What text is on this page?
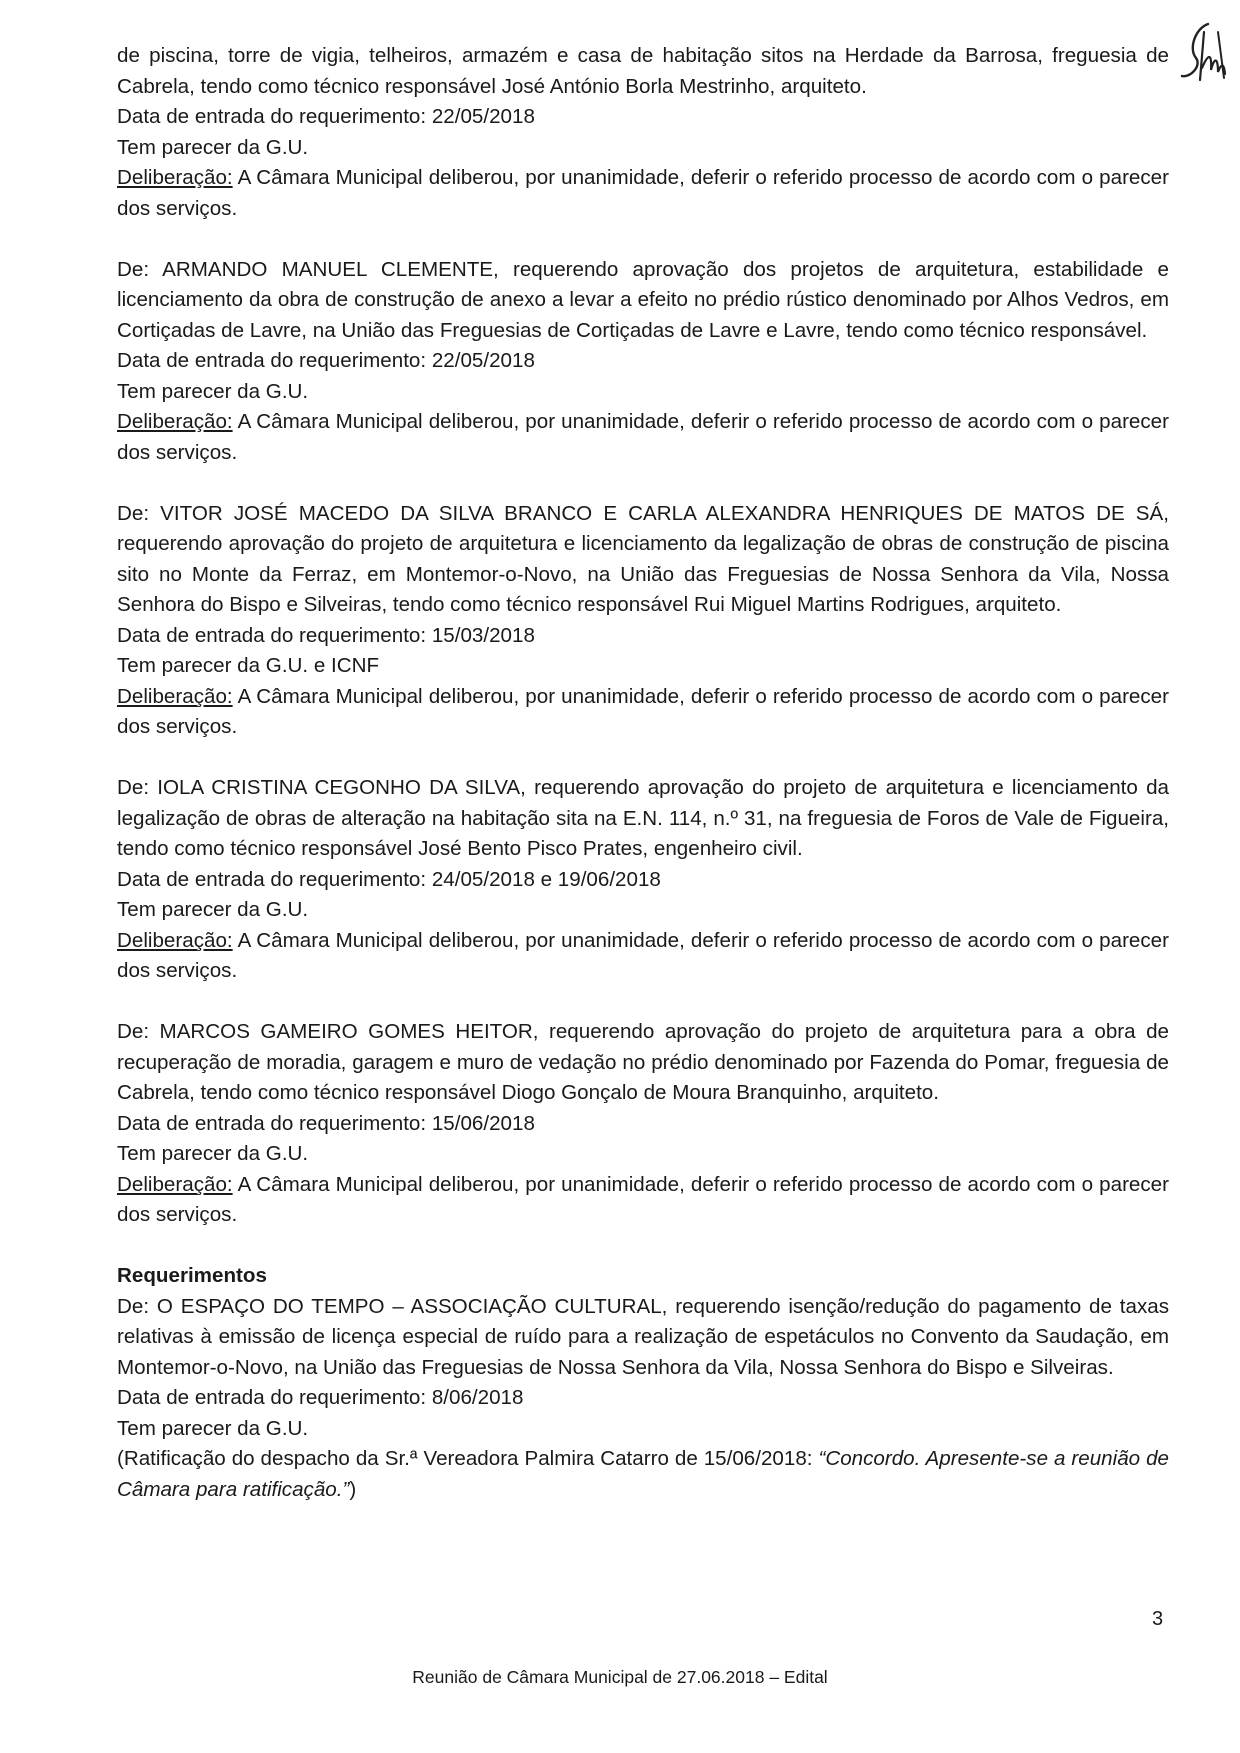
de piscina, torre de vigia, telheiros, armazém e casa de habitação sitos na Herdade da Barrosa, freguesia de Cabrela, tendo como técnico responsável José António Borla Mestrinho, arquiteto.

Data de entrada do requerimento: 22/05/2018

Tem parecer da G.U.

Deliberação: A Câmara Municipal deliberou, por unanimidade, deferir o referido processo de acordo com o parecer dos serviços.

De: ARMANDO MANUEL CLEMENTE, requerendo aprovação dos projetos de arquitetura, estabilidade e licenciamento da obra de construção de anexo a levar a efeito no prédio rústico denominado por Alhos Vedros, em Cortiçadas de Lavre, na União das Freguesias de Cortiçadas de Lavre e Lavre, tendo como técnico responsável.

Data de entrada do requerimento: 22/05/2018

Tem parecer da G.U.

Deliberação: A Câmara Municipal deliberou, por unanimidade, deferir o referido processo de acordo com o parecer dos serviços.

De: VITOR JOSÉ MACEDO DA SILVA BRANCO E CARLA ALEXANDRA HENRIQUES DE MATOS DE SÁ, requerendo aprovação do projeto de arquitetura e licenciamento da legalização de obras de construção de piscina sito no Monte da Ferraz, em Montemor-o-Novo, na União das Freguesias de Nossa Senhora da Vila, Nossa Senhora do Bispo e Silveiras, tendo como técnico responsável Rui Miguel Martins Rodrigues, arquiteto.

Data de entrada do requerimento: 15/03/2018

Tem parecer da G.U. e ICNF

Deliberação: A Câmara Municipal deliberou, por unanimidade, deferir o referido processo de acordo com o parecer dos serviços.

De: IOLA CRISTINA CEGONHO DA SILVA, requerendo aprovação do projeto de arquitetura e licenciamento da legalização de obras de alteração na habitação sita na E.N. 114, n.º 31, na freguesia de Foros de Vale de Figueira, tendo como técnico responsável José Bento Pisco Prates, engenheiro civil.

Data de entrada do requerimento: 24/05/2018 e 19/06/2018

Tem parecer da G.U.

Deliberação: A Câmara Municipal deliberou, por unanimidade, deferir o referido processo de acordo com o parecer dos serviços.

De: MARCOS GAMEIRO GOMES HEITOR, requerendo aprovação do projeto de arquitetura para a obra de recuperação de moradia, garagem e muro de vedação no prédio denominado por Fazenda do Pomar, freguesia de Cabrela, tendo como técnico responsável Diogo Gonçalo de Moura Branquinho, arquiteto.

Data de entrada do requerimento: 15/06/2018

Tem parecer da G.U.

Deliberação: A Câmara Municipal deliberou, por unanimidade, deferir o referido processo de acordo com o parecer dos serviços.

Requerimentos

De: O ESPAÇO DO TEMPO – ASSOCIAÇÃO CULTURAL, requerendo isenção/redução do pagamento de taxas relativas à emissão de licença especial de ruído para a realização de espetáculos no Convento da Saudação, em Montemor-o-Novo, na União das Freguesias de Nossa Senhora da Vila, Nossa Senhora do Bispo e Silveiras.

Data de entrada do requerimento: 8/06/2018

Tem parecer da G.U.

(Ratificação do despacho da Sr.ª Vereadora Palmira Catarro de 15/06/2018: “Concordo. Apresente-se a reunião de Câmara para ratificação.”)

3
Reunião de Câmara Municipal de 27.06.2018 – Edital
